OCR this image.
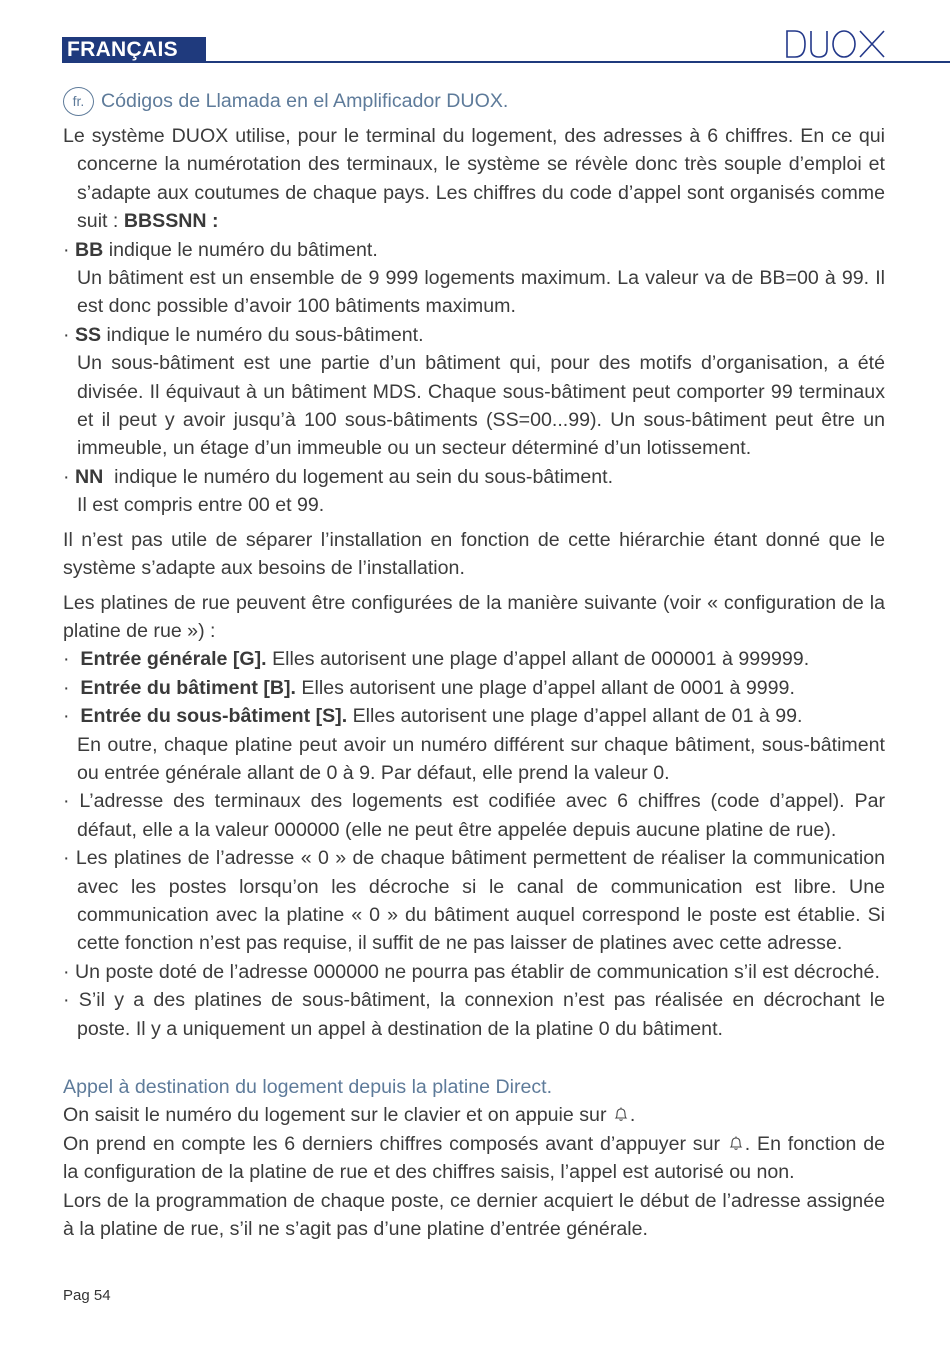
FRANÇAIS
fr. Códigos de Llamada en el Amplificador DUOX.

Le système DUOX utilise, pour le terminal du logement, des adresses à 6 chiffres. En ce qui concerne la numérotation des terminaux, le système se révèle donc très souple d’emploi et s’adapte aux coutumes de chaque pays. Les chiffres du code d’appel sont organisés comme suit : BBSSNN :

· BB indique le numéro du bâtiment.

Un bâtiment est un ensemble de 9 999 logements maximum. La valeur va de BB=00 à 99. Il est donc possible d’avoir 100 bâtiments maximum.

· SS indique le numéro du sous-bâtiment.

Un sous-bâtiment est une partie d’un bâtiment qui, pour des motifs d’organisation, a été divisée. Il équivaut à un bâtiment MDS. Chaque sous-bâtiment peut comporter 99 terminaux et il peut y avoir jusqu’à 100 sous-bâtiments (SS=00...99). Un sous-bâtiment peut être un immeuble, un étage d’un immeuble ou un secteur déterminé d’un lotissement.

· NN  indique le numéro du logement au sein du sous-bâtiment.

Il est compris entre 00 et 99.

Il n’est pas utile de séparer l’installation en fonction de cette hiérarchie étant donné que le système s’adapte aux besoins de l’installation.

Les platines de rue peuvent être configurées de la manière suivante (voir « configuration de la platine de rue ») :

·  Entrée générale [G]. Elles autorisent une plage d’appel allant de 000001 à 999999.

·  Entrée du bâtiment [B]. Elles autorisent une plage d’appel allant de 0001 à 9999.

·  Entrée du sous-bâtiment [S]. Elles autorisent une plage d’appel allant de 01 à 99.

En outre, chaque platine peut avoir un numéro différent sur chaque bâtiment, sous-bâtiment ou entrée générale allant de 0 à 9. Par défaut, elle prend la valeur 0.

· L’adresse des terminaux des logements est codifiée avec 6 chiffres (code d’appel). Par défaut, elle a la valeur 000000 (elle ne peut être appelée depuis aucune platine de rue).

· Les platines de l’adresse « 0 » de chaque bâtiment permettent de réaliser la communication avec les postes lorsqu’on les décroche si le canal de communication est libre. Une communication avec la platine « 0 » du bâtiment auquel correspond le poste est établie. Si cette fonction n’est pas requise, il suffit de ne pas laisser de platines avec cette adresse.

· Un poste doté de l’adresse 000000 ne pourra pas établir de communication s’il est décroché.

· S’il y a des platines de sous-bâtiment, la connexion n’est pas réalisée en décrochant le poste. Il y a uniquement un appel à destination de la platine 0 du bâtiment.

Appel à destination du logement depuis la platine Direct.

On saisit le numéro du logement sur le clavier et on appuie sur .

On prend en compte les 6 derniers chiffres composés avant d’appuyer sur . En fonction de la configuration de la platine de rue et des chiffres saisis, l’appel est autorisé ou non.

Lors de la programmation de chaque poste, ce dernier acquiert le début de l’adresse assignée à la platine de rue, s’il ne s’agit pas d’une platine d’entrée générale.

Pag 54
